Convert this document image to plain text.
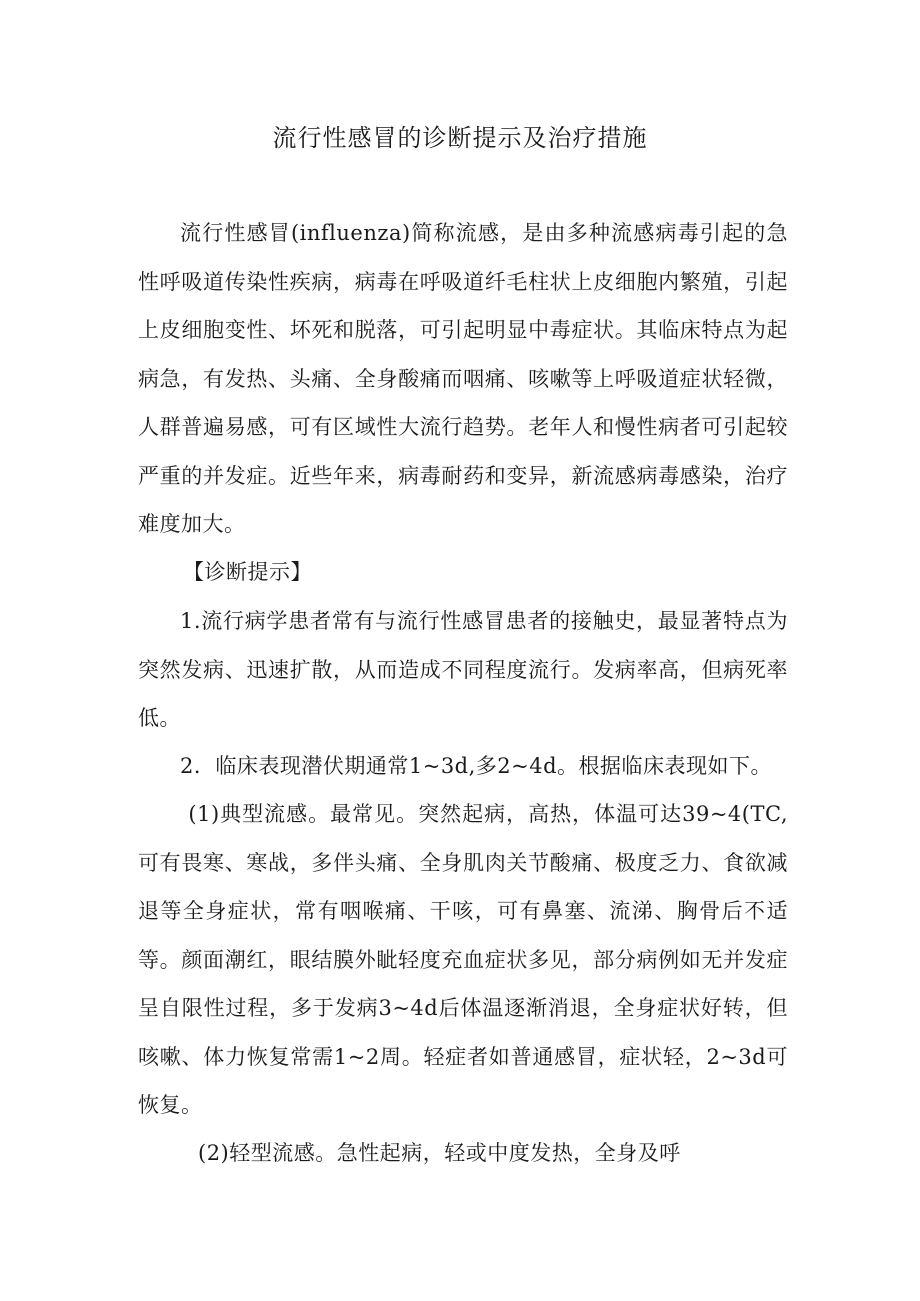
流行性感冒的诊断提示及治疗措施

流行性感冒(influenza)简称流感，是由多种流感病毒引起的急性呼吸道传染性疾病，病毒在呼吸道纤毛柱状上皮细胞内繁殖，引起上皮细胞变性、坏死和脱落，可引起明显中毒症状。其临床特点为起病急，有发热、头痛、全身酸痛而咽痛、咳嗽等上呼吸道症状轻微，人群普遍易感，可有区域性大流行趋势。老年人和慢性病者可引起较严重的并发症。近些年来，病毒耐药和变异，新流感病毒感染，治疗难度加大。

【诊断提示】

1.流行病学患者常有与流行性感冒患者的接触史，最显著特点为突然发病、迅速扩散，从而造成不同程度流行。发病率高，但病死率低。

2．临床表现潜伏期通常1~3d,多2~4d。根据临床表现如下。

(1)典型流感。最常见。突然起病，高热，体温可达39~4(TC,可有畏寒、寒战，多伴头痛、全身肌肉关节酸痛、极度乏力、食欲减退等全身症状，常有咽喉痛、干咳，可有鼻塞、流涕、胸骨后不适等。颜面潮红，眼结膜外眦轻度充血症状多见，部分病例如无并发症呈自限性过程，多于发病3~4d后体温逐渐消退，全身症状好转，但咳嗽、体力恢复常需1~2周。轻症者如普通感冒，症状轻，2~3d可恢复。

(2)轻型流感。急性起病，轻或中度发热，全身及呼
